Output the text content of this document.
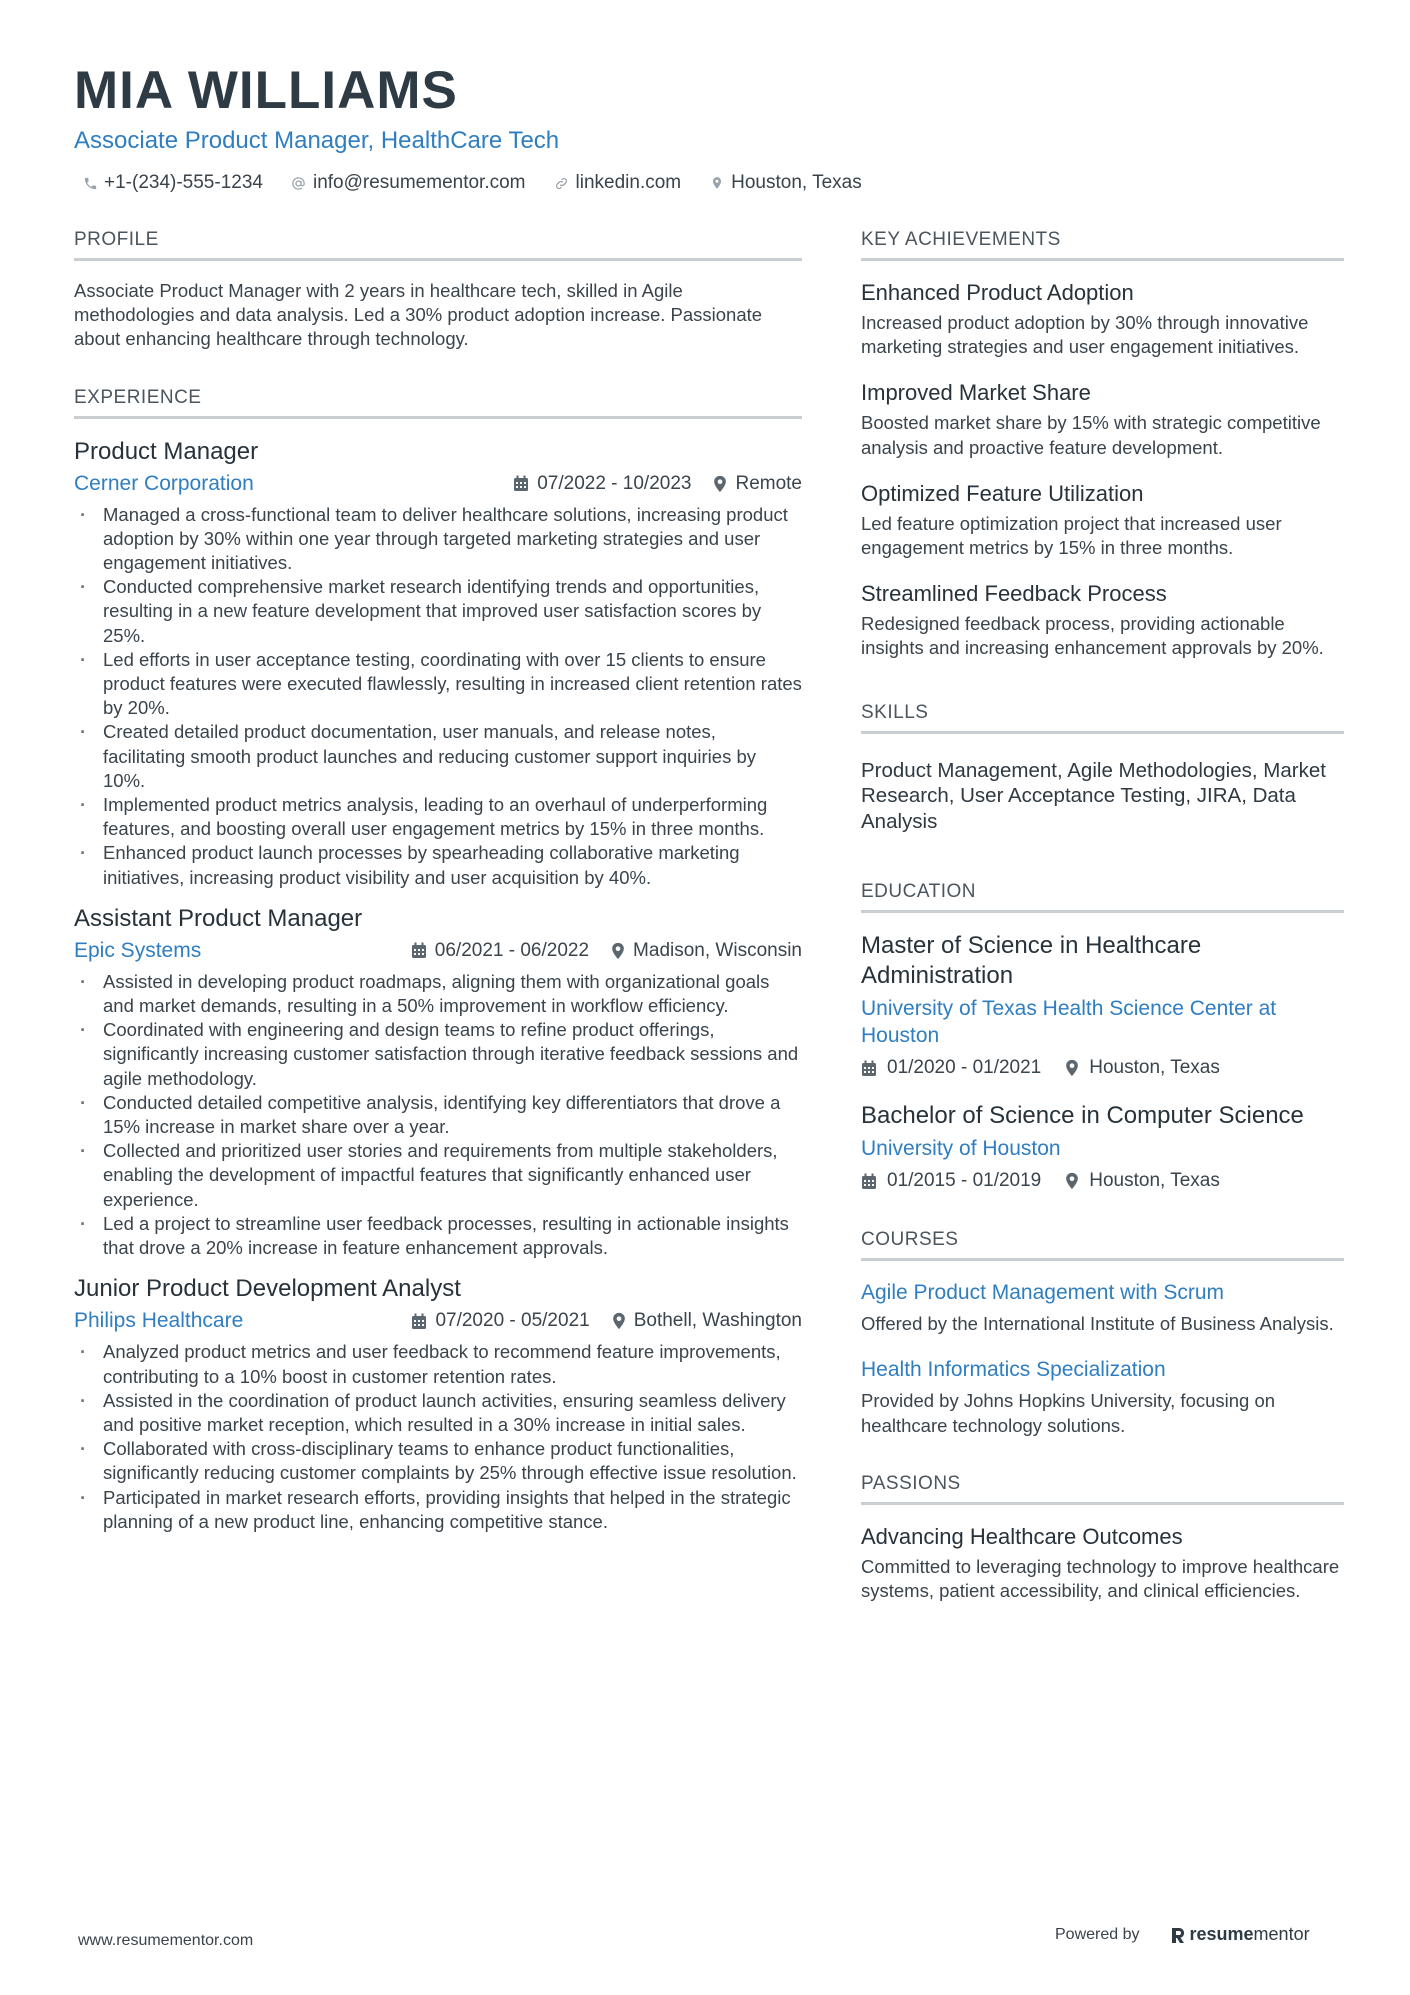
MIA WILLIAMS
Associate Product Manager, HealthCare Tech
+1-(234)-555-1234	info@resumementor.com	linkedin.com	Houston, Texas
PROFILE
Associate Product Manager with 2 years in healthcare tech, skilled in Agile methodologies and data analysis. Led a 30% product adoption increase. Passionate about enhancing healthcare through technology.
EXPERIENCE
Product Manager
Cerner Corporation	07/2022 - 10/2023 Remote
· Managed a cross-functional team to deliver healthcare solutions, increasing product adoption by 30% within one year through targeted marketing strategies and user engagement initiatives.
· Conducted comprehensive market research identifying trends and opportunities, resulting in a new feature development that improved user satisfaction scores by 25%.
· Led efforts in user acceptance testing, coordinating with over 15 clients to ensure product features were executed flawlessly, resulting in increased client retention rates by 20%.
· Created detailed product documentation, user manuals, and release notes, facilitating smooth product launches and reducing customer support inquiries by 10%.
· Implemented product metrics analysis, leading to an overhaul of underperforming features, and boosting overall user engagement metrics by 15% in three months.
· Enhanced product launch processes by spearheading collaborative marketing initiatives, increasing product visibility and user acquisition by 40%.
Assistant Product Manager
Epic Systems	06/2021 - 06/2022 Madison, Wisconsin
· Assisted in developing product roadmaps, aligning them with organizational goals and market demands, resulting in a 50% improvement in workflow efficiency.
· Coordinated with engineering and design teams to refine product offerings, significantly increasing customer satisfaction through iterative feedback sessions and agile methodology.
· Conducted detailed competitive analysis, identifying key differentiators that drove a 15% increase in market share over a year.
· Collected and prioritized user stories and requirements from multiple stakeholders, enabling the development of impactful features that significantly enhanced user experience.
· Led a project to streamline user feedback processes, resulting in actionable insights that drove a 20% increase in feature enhancement approvals.
Junior Product Development Analyst
Philips Healthcare	07/2020 - 05/2021 Bothell, Washington
· Analyzed product metrics and user feedback to recommend feature improvements, contributing to a 10% boost in customer retention rates.
· Assisted in the coordination of product launch activities, ensuring seamless delivery and positive market reception, which resulted in a 30% increase in initial sales.
· Collaborated with cross-disciplinary teams to enhance product functionalities, significantly reducing customer complaints by 25% through effective issue resolution.
· Participated in market research efforts, providing insights that helped in the strategic planning of a new product line, enhancing competitive stance.
KEY ACHIEVEMENTS
Enhanced Product Adoption
Increased product adoption by 30% through innovative marketing strategies and user engagement initiatives.
Improved Market Share
Boosted market share by 15% with strategic competitive analysis and proactive feature development.
Optimized Feature Utilization
Led feature optimization project that increased user engagement metrics by 15% in three months.
Streamlined Feedback Process
Redesigned feedback process, providing actionable insights and increasing enhancement approvals by 20%.
SKILLS
Product Management, Agile Methodologies, Market Research, User Acceptance Testing, JIRA, Data Analysis
EDUCATION
Master of Science in Healthcare Administration
University of Texas Health Science Center at Houston
01/2020 - 01/2021	Houston, Texas
Bachelor of Science in Computer Science
University of Houston
01/2015 - 01/2019	Houston, Texas
COURSES
Agile Product Management with Scrum
Offered by the International Institute of Business Analysis.
Health Informatics Specialization
Provided by Johns Hopkins University, focusing on healthcare technology solutions.
PASSIONS
Advancing Healthcare Outcomes
Committed to leveraging technology to improve healthcare systems, patient accessibility, and clinical efficiencies.
www.resumementor.com	Powered by	resume mentor
